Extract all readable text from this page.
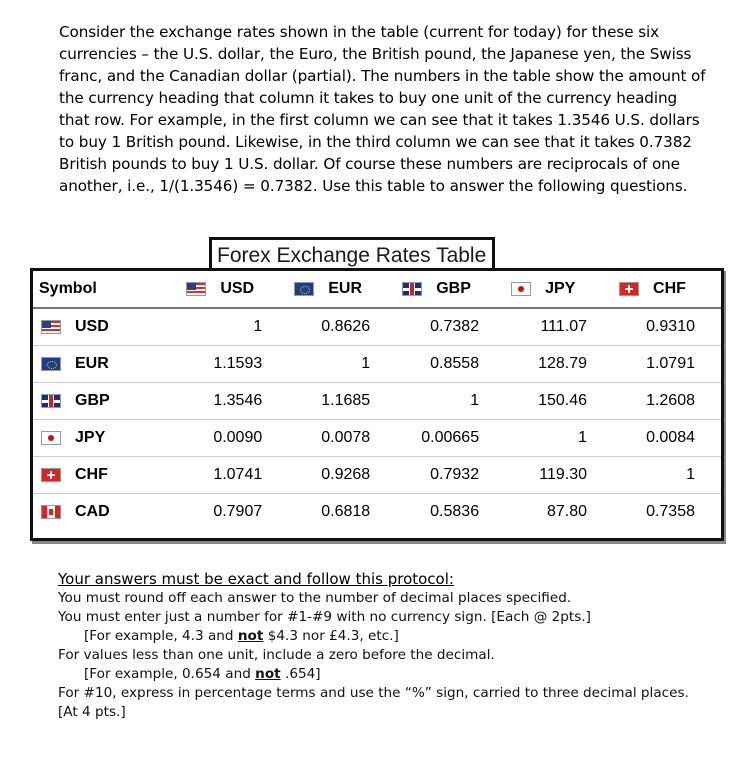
Consider the exchange rates shown in the table (current for today) for these six currencies – the U.S. dollar, the Euro, the British pound, the Japanese yen, the Swiss franc, and the Canadian dollar (partial). The numbers in the table show the amount of the currency heading that column it takes to buy one unit of the currency heading that row. For example, in the first column we can see that it takes 1.3546 U.S. dollars to buy 1 British pound. Likewise, in the third column we can see that it takes 0.7382 British pounds to buy 1 U.S. dollar. Of course these numbers are reciprocals of one another, i.e., 1/(1.3546) = 0.7382. Use this table to answer the following questions.

Forex Exchange Rates Table
Symbol	USD	EUR	GBP	JPY	CHF

USD	1	0.8626	0.7382	111.07	0.9310

EUR	1.1593	1	0.8558	128.79	1.0791

GBP	1.3546	1.1685	1	150.46	1.2608

JPY	0.0090	0.0078	0.00665	1	0.0084

CHF	1.0741	0.9268	0.7932	119.30	1

CAD	0.7907	0.6818	0.5836	87.80	0.7358
Your answers must be exact and follow this protocol:
You must round off each answer to the number of decimal places specified.
You must enter just a number for #1-#9 with no currency sign. [Each @ 2pts.]
[For example, 4.3 and not $4.3 nor £4.3, etc.]
For values less than one unit, include a zero before the decimal.
[For example, 0.654 and not .654]
For #10, express in percentage terms and use the “%” sign, carried to three decimal places. [At 4 pts.]
